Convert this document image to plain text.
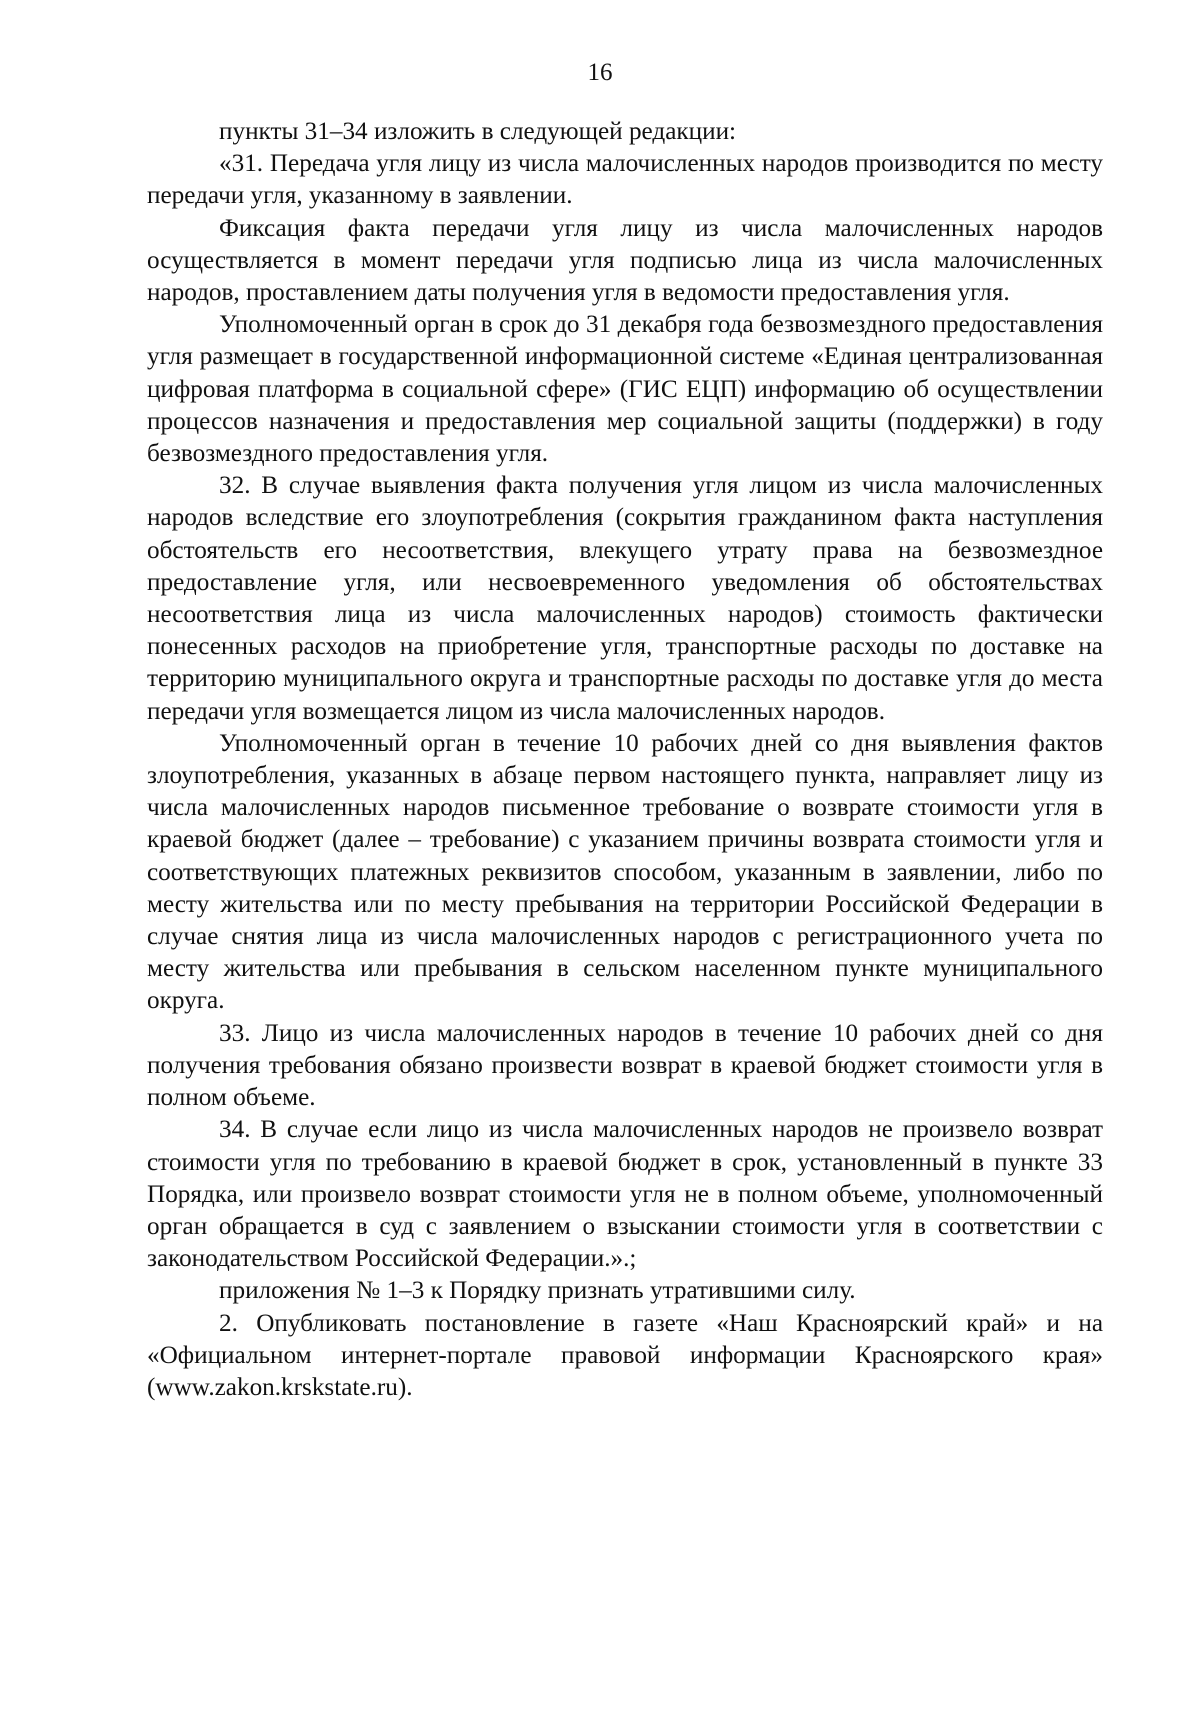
16

пункты 31–34 изложить в следующей редакции:

«31. Передача угля лицу из числа малочисленных народов производится по месту передачи угля, указанному в заявлении.

Фиксация факта передачи угля лицу из числа малочисленных народов осуществляется в момент передачи угля подписью лица из числа малочисленных народов, проставлением даты получения угля в ведомости предоставления угля.

Уполномоченный орган в срок до 31 декабря года безвозмездного предоставления угля размещает в государственной информационной системе «Единая централизованная цифровая платформа в социальной сфере» (ГИС ЕЦП) информацию об осуществлении процессов назначения и предоставления мер социальной защиты (поддержки) в году безвозмездного предоставления угля.

32. В случае выявления факта получения угля лицом из числа малочисленных народов вследствие его злоупотребления (сокрытия гражданином факта наступления обстоятельств его несоответствия, влекущего утрату права на безвозмездное предоставление угля, или несвоевременного уведомления об обстоятельствах несоответствия лица из числа малочисленных народов) стоимость фактически понесенных расходов на приобретение угля, транспортные расходы по доставке на территорию муниципального округа и транспортные расходы по доставке угля до места передачи угля возмещается лицом из числа малочисленных народов.

Уполномоченный орган в течение 10 рабочих дней со дня выявления фактов злоупотребления, указанных в абзаце первом настоящего пункта, направляет лицу из числа малочисленных народов письменное требование о возврате стоимости угля в краевой бюджет (далее – требование) с указанием причины возврата стоимости угля и соответствующих платежных реквизитов способом, указанным в заявлении, либо по месту жительства или по месту пребывания на территории Российской Федерации в случае снятия лица из числа малочисленных народов с регистрационного учета по месту жительства или пребывания в сельском населенном пункте муниципального округа.

33. Лицо из числа малочисленных народов в течение 10 рабочих дней со дня получения требования обязано произвести возврат в краевой бюджет стоимости угля в полном объеме.

34. В случае если лицо из числа малочисленных народов не произвело возврат стоимости угля по требованию в краевой бюджет в срок, установленный в пункте 33 Порядка, или произвело возврат стоимости угля не в полном объеме, уполномоченный орган обращается в суд с заявлением о взыскании стоимости угля в соответствии с законодательством Российской Федерации.».;

приложения № 1–3 к Порядку признать утратившими силу.

2. Опубликовать постановление в газете «Наш Красноярский край» и на «Официальном интернет-портале правовой информации Красноярского края» (www.zakon.krskstate.ru).
